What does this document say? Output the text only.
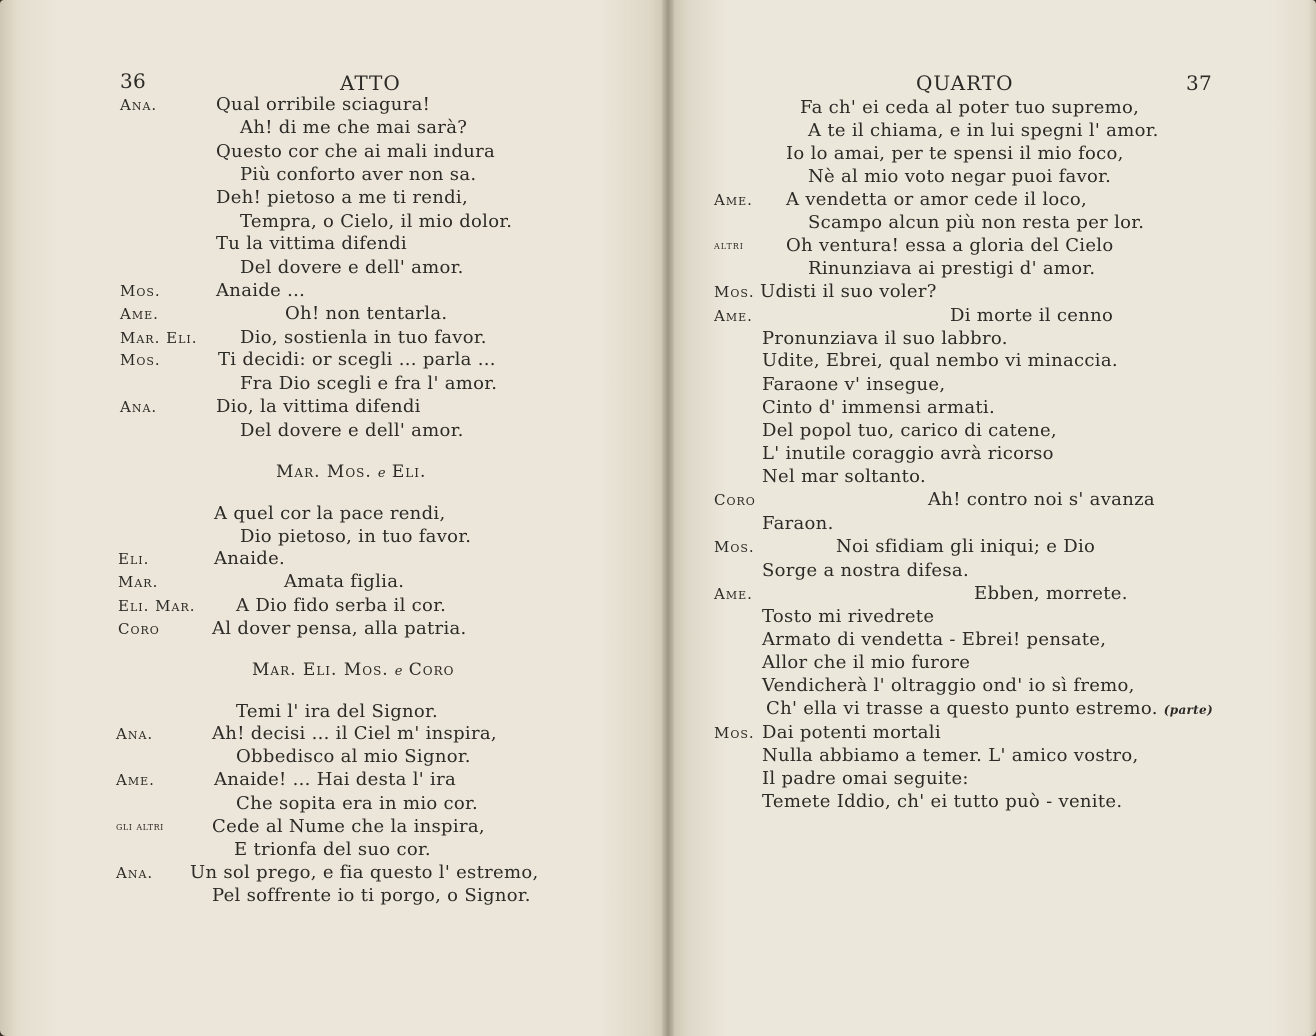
36	ATTO
Ana.	Qual orribile sciagura!
Ah! di me che mai sarà?
Questo cor che ai mali indura
Più conforto aver non sa.
Deh! pietoso a me ti rendi,
Tempra, o Cielo, il mio dolor.
Tu la vittima difendi
Del dovere e dell' amor.
Mos.	Anaide ...
Ame.	Oh! non tentarla.
Mar. Eli. Dio, sostienla in tuo favor.
Mos.	Ti decidi: or scegli ... parla ...
Fra Dio scegli e fra l' amor.
Ana.	Dio, la vittima difendi
Del dovere e dell' amor.
Mar. Mos. e Eli.
A quel cor la pace rendi,
Dio pietoso, in tuo favor.
Eli.	Anaide.
Mar.	Amata figlia.
Eli. Mar. A Dio fido serba il cor.
Coro	Al dover pensa, alla patria.
Mar. Eli. Mos. e Coro
Temi l' ira del Signor.
Ana.	Ah! decisi ... il Ciel m' inspira,
Obbedisco al mio Signor.
Ame.	Anaide! ... Hai desta l' ira
Che sopita era in mio cor.
gli altri	Cede al Nume che la inspira,
E trionfa del suo cor.
Ana. Un sol prego, e fia questo l' estremo,
Pel soffrente io ti porgo, o Signor.
QUARTO	37
Fa ch' ei ceda al poter tuo supremo,
A te il chiama, e in lui spegni l' amor.
Io lo amai, per te spensi il mio foco,
Nè al mio voto negar puoi favor.
Ame. A vendetta or amor cede il loco,
Scampo alcun più non resta per lor.
altri Oh ventura! essa a gloria del Cielo
Rinunziava ai prestigi d' amor.
Mos. Udisti il suo voler?
Ame.	Di morte il cenno
Pronunziava il suo labbro.
Udite, Ebrei, qual nembo vi minaccia.
Faraone v' insegue,
Cinto d' immensi armati.
Del popol tuo, carico di catene,
L' inutile coraggio avrà ricorso
Nel mar soltanto.
Coro	Ah! contro noi s' avanza
Faraon.
Mos.	Noi sfidiam gli iniqui; e Dio
Sorge a nostra difesa.
Ame.	Ebben, morrete.
Tosto mi rivedrete
Armato di vendetta - Ebrei! pensate,
Allor che il mio furore
Vendicherà l' oltraggio ond' io sì fremo,
Ch' ella vi trasse a questo punto estremo. (parte)
Mos. Dai potenti mortali
Nulla abbiamo a temer. L' amico vostro,
Il padre omai seguite:
Temete Iddio, ch' ei tutto può - venite.
